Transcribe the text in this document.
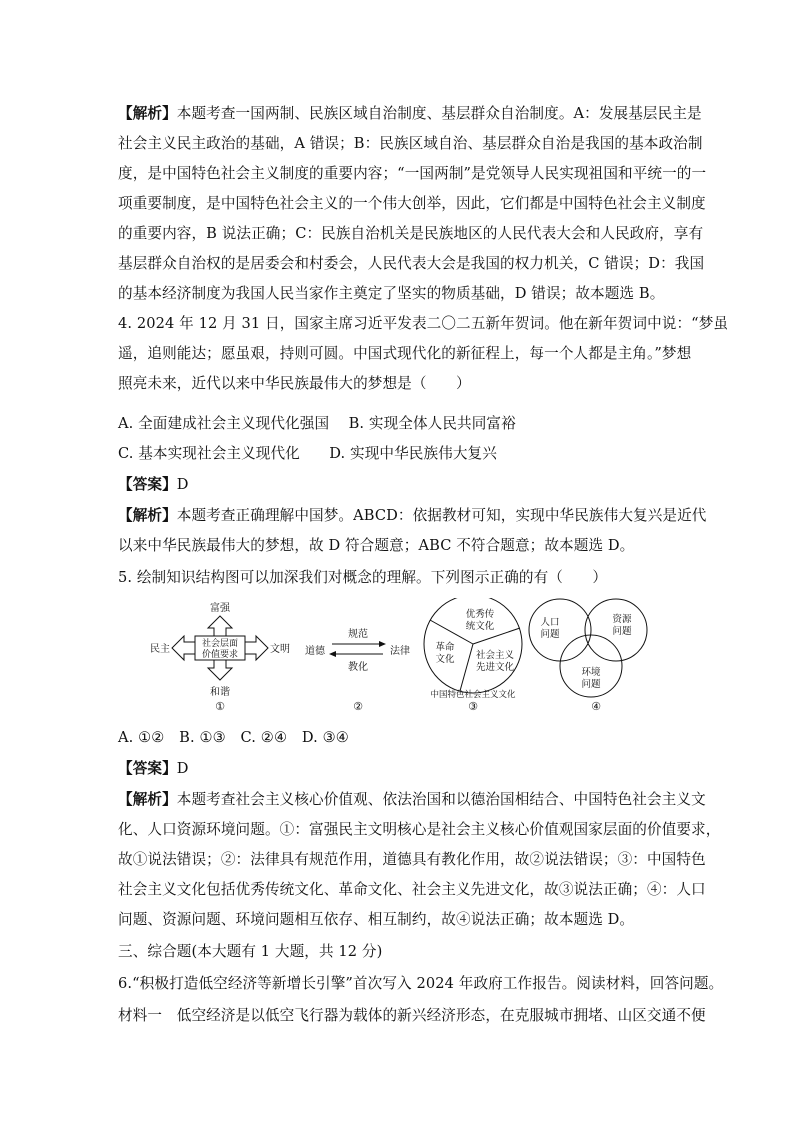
【解析】本题考查一国两制、民族区域自治制度、基层群众自治制度。A：发展基层民主是
社会主义民主政治的基础，A 错误；B：民族区域自治、基层群众自治是我国的基本政治制
度，是中国特色社会主义制度的重要内容；“一国两制”是党领导人民实现祖国和平统一的一
项重要制度，是中国特色社会主义的一个伟大创举，因此，它们都是中国特色社会主义制度
的重要内容，B 说法正确；C：民族自治机关是民族地区的人民代表大会和人民政府，享有
基层群众自治权的是居委会和村委会，人民代表大会是我国的权力机关，C 错误；D：我国
的基本经济制度为我国人民当家作主奠定了坚实的物质基础，D 错误；故本题选 B。
4. 2024 年 12 月 31 日，国家主席习近平发表二〇二五新年贺词。他在新年贺词中说：“梦虽
遥，追则能达；愿虽艰，持则可圆。中国式现代化的新征程上，每一个人都是主角。”梦想
照亮未来，近代以来中华民族最伟大的梦想是（　　）
A. 全面建成社会主义现代化强国　 B. 实现全体人民共同富裕
C. 基本实现社会主义现代化　　D. 实现中华民族伟大复兴
【答案】D
【解析】本题考查正确理解中国梦。ABCD：依据教材可知，实现中华民族伟大复兴是近代
以来中华民族最伟大的梦想，故 D 符合题意；ABC 不符合题意；故本题选 D。
5. 绘制知识结构图可以加深我们对概念的理解。下列图示正确的有（　　）
社会层面
价值要求
富强
和谐
民主	文明
①
道德	法律
规范
教化
②
优秀传
统文化
革命
文化 社会主义
先进文化
中国特色社会主义文化
③
人口
问题
资源
问题
环境
问题
④
A. ①②　B. ①③　C. ②④　D. ③④
【答案】D
【解析】本题考查社会主义核心价值观、依法治国和以德治国相结合、中国特色社会主义文
化、人口资源环境问题。①：富强民主文明核心是社会主义核心价值观国家层面的价值要求，
故①说法错误；②：法律具有规范作用，道德具有教化作用，故②说法错误；③：中国特色
社会主义文化包括优秀传统文化、革命文化、社会主义先进文化，故③说法正确；④：人口
问题、资源问题、环境问题相互依存、相互制约，故④说法正确；故本题选 D。
三、综合题(本大题有 1 大题，共 12 分)
6.“积极打造低空经济等新增长引擎”首次写入 2024 年政府工作报告。阅读材料，回答问题。
材料一　低空经济是以低空飞行器为载体的新兴经济形态，在克服城市拥堵、山区交通不便
